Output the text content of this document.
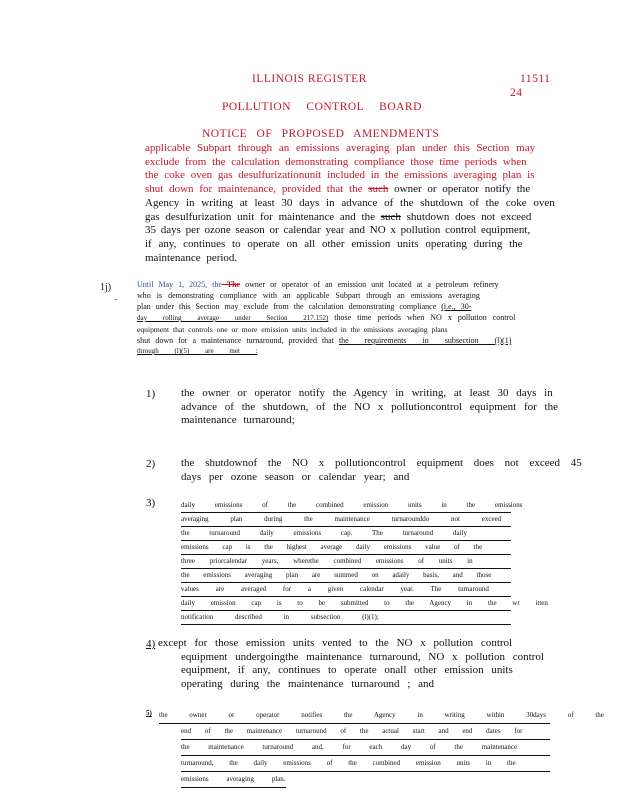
ILLINOIS REGISTER	11511
24
POLLUTION CONTROL BOARD
NOTICE OF PROPOSED AMENDMENTS
applicable Subpart through an emissions averaging plan under this Section may
exclude from the calculation demonstrating compliance those time periods when
the coke oven gas desulfurizationunit included in the emissions averaging plan is
shut down for maintenance, provided that the such owner or operator notify the
Agency in writing at least 30 days in advance of the shutdown of the coke oven
gas desulfurization unit for maintenance and the such shutdown does not exceed
35 days per ozone season or calendar year and NO x pollution control equipment,
if any, continues to operate on all other emission units operating during the
maintenance period.
1j)
-
Until May 1, 2025, the The owner or operator of an emission unit located at a petroleum refinery
who is demonstrating compliance with an applicable Subpart through an emissions averaging
plan under this Section may exclude from the calculation demonstrating compliance (i.e., 30-
day rolling average under Section 217.152) those time periods when NO x pollution control
equipment that controls one or more emission units included in the emissions averaging plans
shut down for a maintenance turnaround, provided that the requirements in subsection (l)(1)
through (l)(5) are met :
1) the owner or operator notify the Agency in writing, at least 30 days in
advance of the shutdown, of the NO x pollutioncontrol equipment for the
maintenance turnaround;
2) the shutdownof the NO x pollutioncontrol equipment does not exceed 45
days per ozone season or calendar year; and
3)	daily emissions of the combined emission units in the emissions
averaging plan during the maintenance turnarounddo not exceed
the turnaround daily emissions cap. The turnaround daily
emissions cap is the highest average daily emissions value of the
three priorcalendar years, wherethe combined emissions of units in
the emissions averaging plan are summed on adaily basis, and those
values are averaged for a given calendar year. The turnaround
daily emission cap is to be submitted to the Agency in the wr itten
notification described in subsection (l)(1);
4) except for those emission units vented to the NO x pollution control
equipment undergoingthe maintenance turnaround, NO x pollution control
equipment, if any, continues to operate onall other emission units
operating during the maintenance turnaround ; and
5) the owner or operator notifies the Agency in writing within 30days of the
end of the maintenance turnaround of the actual start and end dates for
the maintenance turnaround and, for each day of the maintenance
turnaround, the daily emissions of the combined emission units in the
emissions averaging plan.
